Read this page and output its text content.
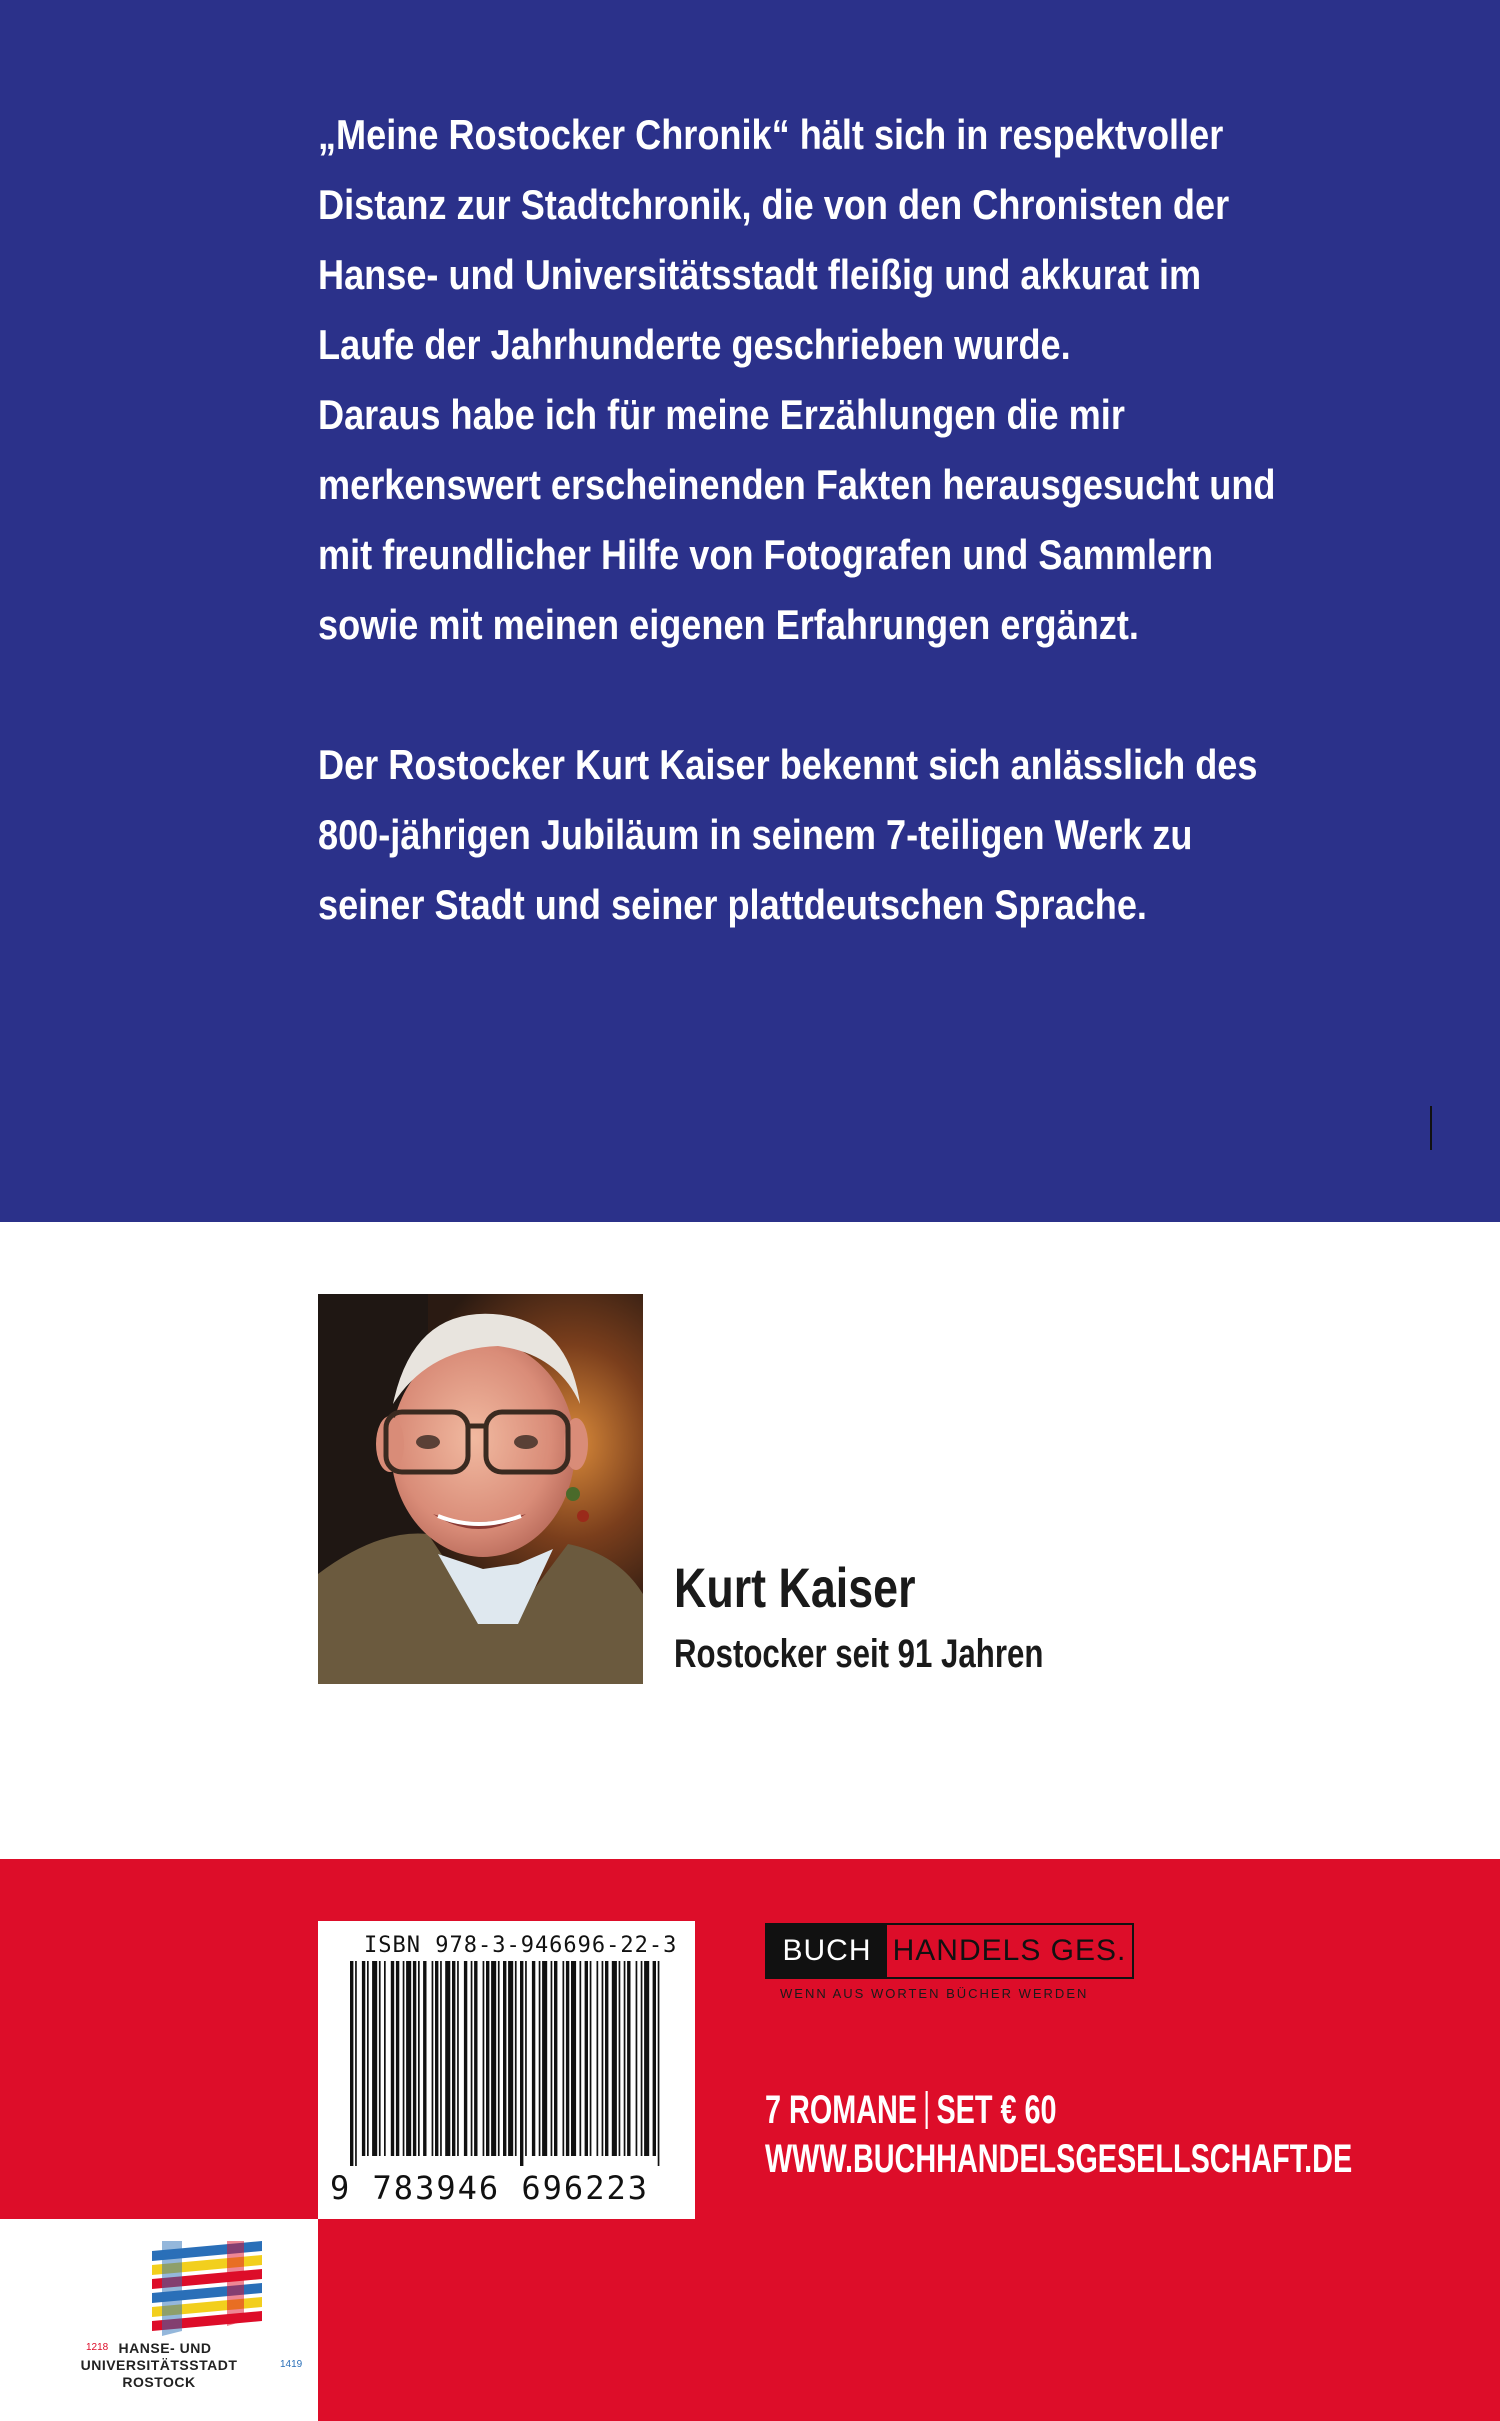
„Meine Rostocker Chronik“ hält sich in respektvoller

Distanz zur Stadtchronik, die von den Chronisten der

Hanse- und Universitätsstadt fleißig und akkurat im

Laufe der Jahrhunderte geschrieben wurde.

Daraus habe ich für meine Erzählungen die mir

merkenswert erscheinenden Fakten herausgesucht und

mit freundlicher Hilfe von Fotografen und Sammlern

sowie mit meinen eigenen Erfahrungen ergänzt.

Der Rostocker Kurt Kaiser bekennt sich anlässlich des

800-jährigen Jubiläum in seinem 7-teiligen Werk zu

seiner Stadt und seiner plattdeutschen Sprache.

Kurt Kaiser
Rostocker seit 91 Jahren
ISBN 978-3-946696-22-3
9 783946 696223
1218 HANSE- UND
UNIVERSITÄTSSTADT	1419
ROSTOCK
BUCH HANDELS GES.
WENN AUS WORTEN BÜCHER WERDEN
7 ROMANE SET € 60
WWW.BUCHHANDELSGESELLSCHAFT.DE
